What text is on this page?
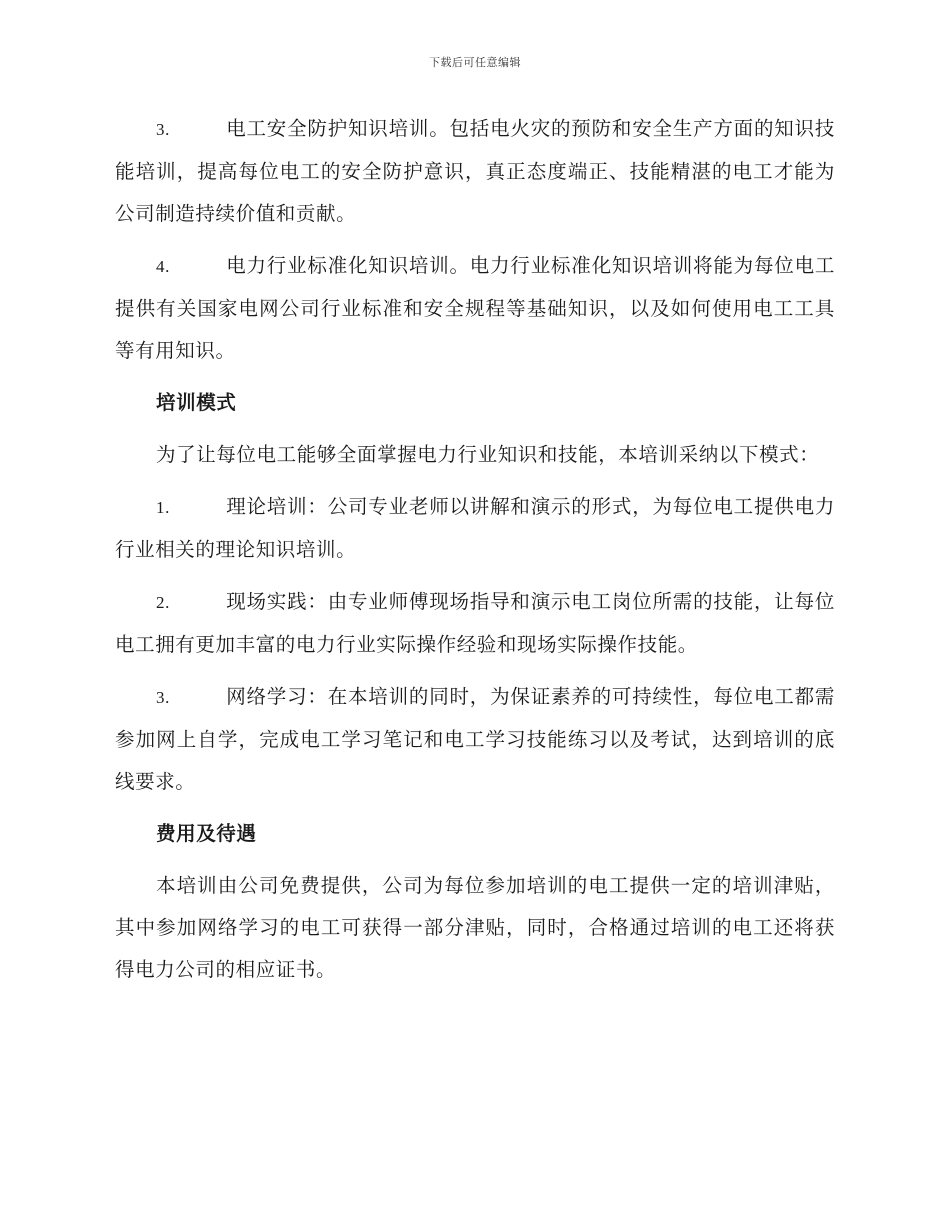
下载后可任意编辑

3.	电工安全防护知识培训。包括电火灾的预防和安全生产方面的知识技能培训，提高每位电工的安全防护意识，真正态度端正、技能精湛的电工才能为公司制造持续价值和贡献。

4.	电力行业标准化知识培训。电力行业标准化知识培训将能为每位电工提供有关国家电网公司行业标准和安全规程等基础知识，以及如何使用电工工具等有用知识。

培训模式

为了让每位电工能够全面掌握电力行业知识和技能，本培训采纳以下模式：

1.	理论培训：公司专业老师以讲解和演示的形式，为每位电工提供电力行业相关的理论知识培训。

2.	现场实践：由专业师傅现场指导和演示电工岗位所需的技能，让每位电工拥有更加丰富的电力行业实际操作经验和现场实际操作技能。

3.	网络学习：在本培训的同时，为保证素养的可持续性，每位电工都需参加网上自学，完成电工学习笔记和电工学习技能练习以及考试，达到培训的底线要求。

费用及待遇

本培训由公司免费提供，公司为每位参加培训的电工提供一定的培训津贴，其中参加网络学习的电工可获得一部分津贴，同时，合格通过培训的电工还将获得电力公司的相应证书。
